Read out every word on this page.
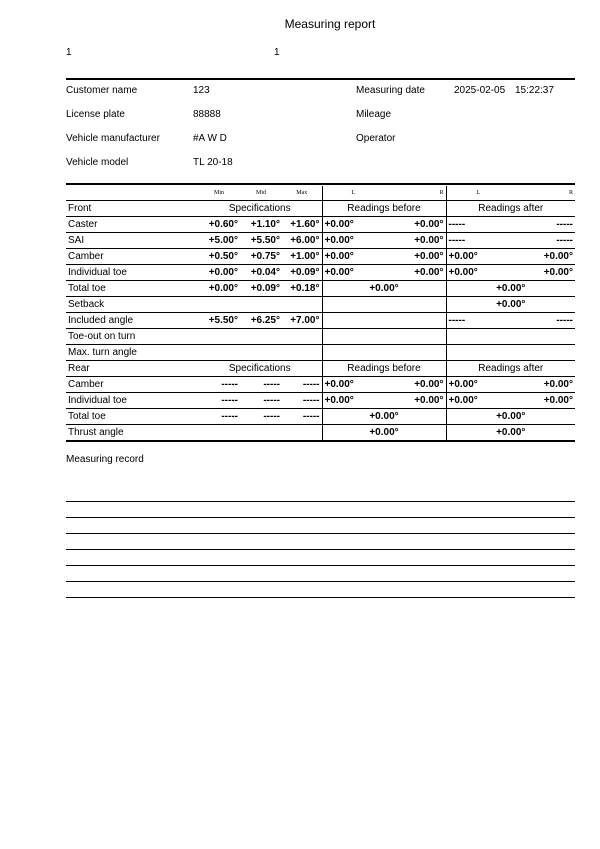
Measuring report
1	1
Customer name	123	Measuring date	2025-02-05 15:22:37
License plate	88888	Mileage
Vehicle manufacturer	#A W D	Operator
Vehicle model	TL 20-18
	Min	Mid	Max	L	R	L	R
Front	Specifications			Readings before		Readings after	
Caster	+0.60°	+1.10°	+1.60°	+0.00°	+0.00°	-----	-----
SAI	+5.00°	+5.50°	+6.00°	+0.00°	+0.00°	-----	-----
Camber	+0.50°	+0.75°	+1.00°	+0.00°	+0.00°	+0.00°	+0.00°
Individual toe	+0.00°	+0.04°	+0.09°	+0.00°	+0.00°	+0.00°	+0.00°
Total toe	+0.00°	+0.09°	+0.18°	+0.00°		+0.00°	
Setback						+0.00°	
Included angle	+5.50°	+6.25°	+7.00°			-----	-----
Toe-out on turn							
Max. turn angle							
Rear	Specifications			Readings before		Readings after	
Camber	-----	-----	-----	+0.00°	+0.00°	+0.00°	+0.00°
Individual toe	-----	-----	-----	+0.00°	+0.00°	+0.00°	+0.00°
Total toe	-----	-----	-----	+0.00°		+0.00°	
Thrust angle				+0.00°		+0.00°	
Measuring record
